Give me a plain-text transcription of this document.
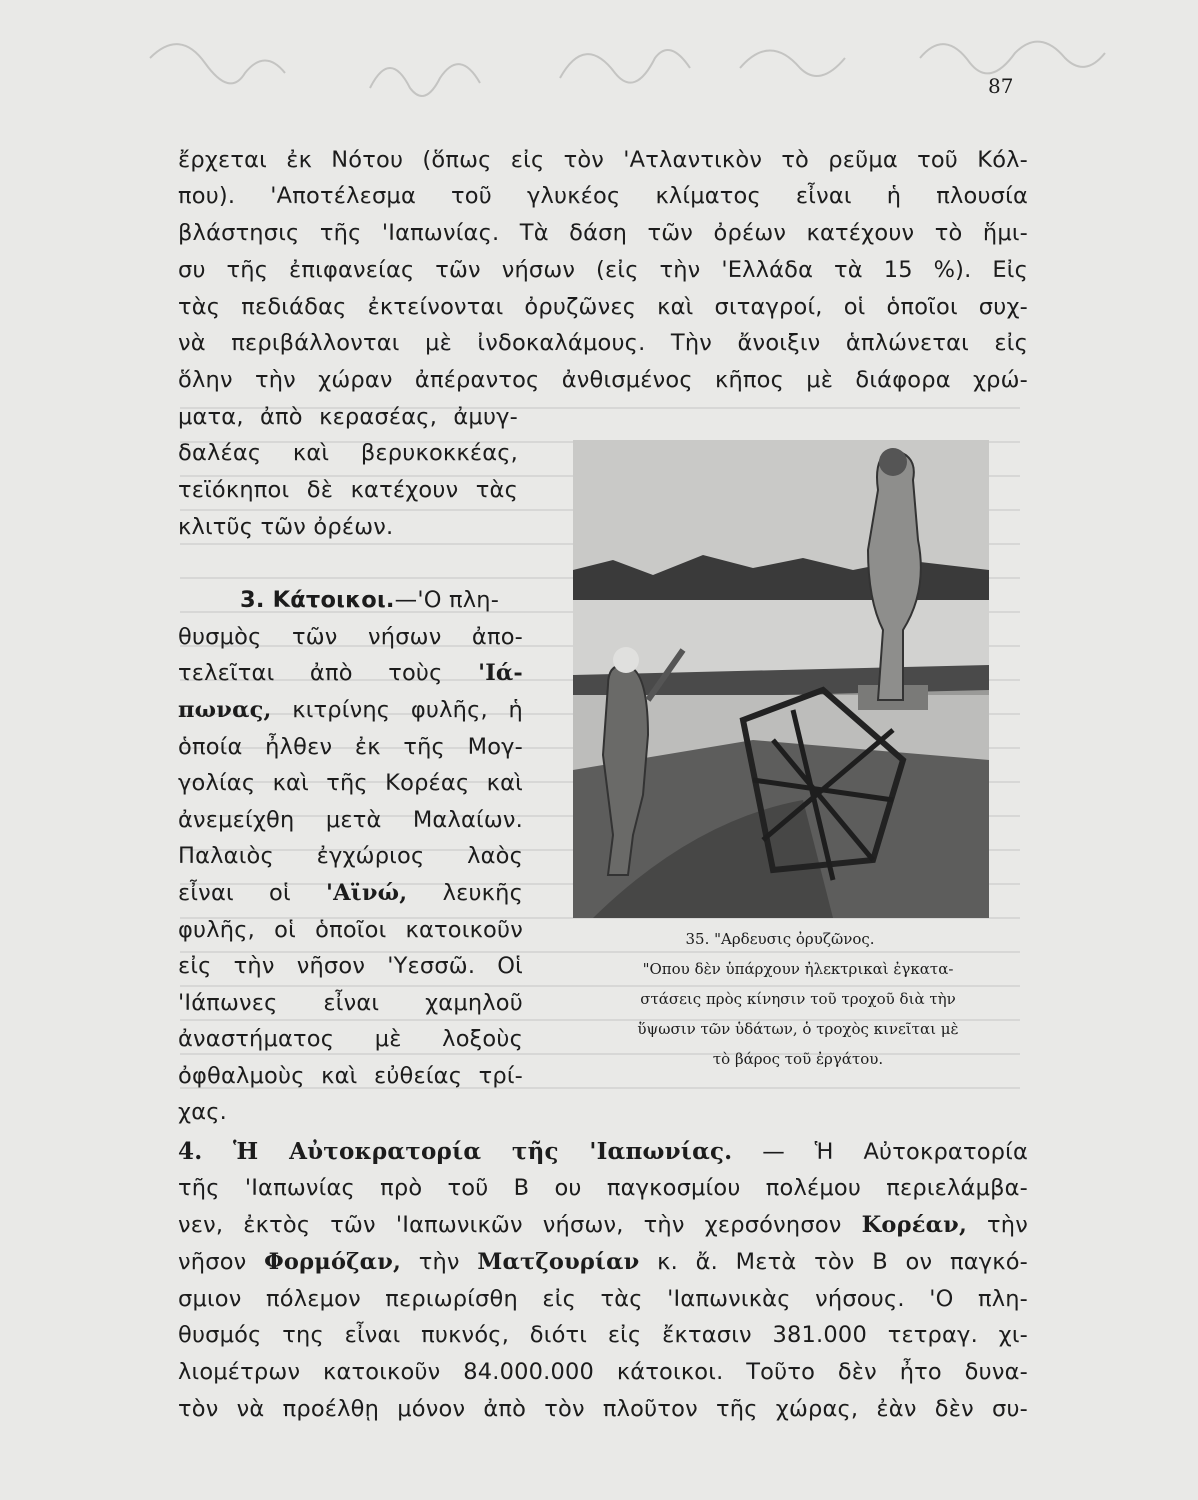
87
ἔρχεται ἐκ Νότου (ὅπως εἰς τὸν 'Ατλαντικὸν τὸ ρεῦμα τοῦ Κόλ-
που). 'Αποτέλεσμα τοῦ γλυκέος κλίματος εἶναι ἡ πλουσία
βλάστησις τῆς 'Ιαπωνίας. Τὰ δάση τῶν ὀρέων κατέχουν τὸ ἥμι-
συ τῆς ἐπιφανείας τῶν νήσων (εἰς τὴν 'Ελλάδα τὰ 15 %). Εἰς
τὰς πεδιάδας ἐκτείνονται ὀρυζῶνες καὶ σιταγροί, οἱ ὁποῖοι συχ-
νὰ περιβάλλονται μὲ ἰνδοκαλάμους. Τὴν ἄνοιξιν ἁπλώνεται εἰς
ὅλην τὴν χώραν ἀπέραντος ἀνθισμένος κῆπος μὲ διάφορα χρώ-
ματα, ἀπὸ κερασέας, ἀμυγ-
δαλέας καὶ βερυκοκκέας,
τεϊόκηποι δὲ κατέχουν τὰς
κλιτῦς τῶν ὀρέων.
3. Κάτοικοι.—'Ο πλη-
θυσμὸς τῶν νήσων ἀπο-
τελεῖται ἀπὸ τοὺς 'Ιά-
πωνας, κιτρίνης φυλῆς, ἡ
ὁποία ἦλθεν ἐκ τῆς Μογ-
γολίας καὶ τῆς Κορέας καὶ
ἀνεμείχθη μετὰ Μαλαίων.
Παλαιὸς ἐγχώριος λαὸς
εἶναι οἱ 'Αϊνώ, λευκῆς
φυλῆς, οἱ ὁποῖοι κατοικοῦν
εἰς τὴν νῆσον 'Υεσσῶ. Οἱ
'Ιάπωνες εἶναι χαμηλοῦ
ἀναστήματος μὲ λοξοὺς
ὀφθαλμοὺς καὶ εὐθείας τρί-
χας.
35. "Αρδευσις ὀρυζῶνος.
"Οπου δὲν ὑπάρχουν ἠλεκτρικαὶ ἐγκατα-
στάσεις πρὸς κίνησιν τοῦ τροχοῦ διὰ τὴν
ὕψωσιν τῶν ὑδάτων, ὁ τροχὸς κινεῖται μὲ
τὸ βάρος τοῦ ἐργάτου.
4. Ἡ Αὐτοκρατορία τῆς 'Ιαπωνίας. — Ἡ Αὐτοκρατορία
τῆς 'Ιαπωνίας πρὸ τοῦ Β ου παγκοσμίου πολέμου περιελάμβα-
νεν, ἐκτὸς τῶν 'Ιαπωνικῶν νήσων, τὴν χερσόνησον Κορέαν, τὴν
νῆσον Φορμόζαν, τὴν Ματζουρίαν κ. ἄ. Μετὰ τὸν Β ον παγκό-
σμιον πόλεμον περιωρίσθη εἰς τὰς 'Ιαπωνικὰς νήσους. 'Ο πλη-
θυσμός της εἶναι πυκνός, διότι εἰς ἔκτασιν 381.000 τετραγ. χι-
λιομέτρων κατοικοῦν 84.000.000 κάτοικοι. Τοῦτο δὲν ἦτο δυνα-
τὸν νὰ προέλθῃ μόνον ἀπὸ τὸν πλοῦτον τῆς χώρας, ἐὰν δὲν συ-
